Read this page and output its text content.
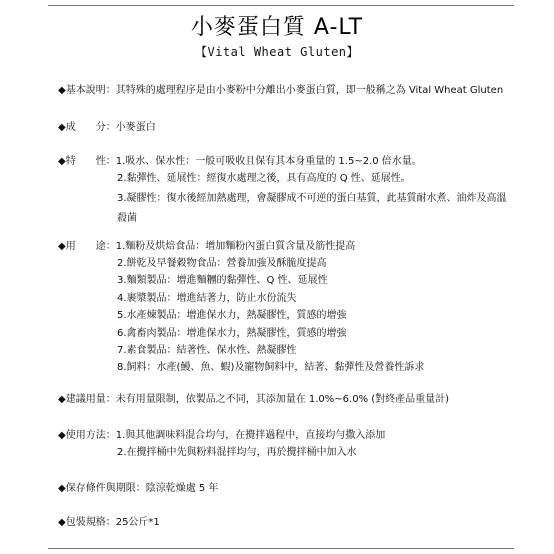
小麥蛋白質 A-LT
【Vital Wheat Gluten】
◆基本說明：其特殊的處理程序是由小麥粉中分離出小麥蛋白質，即一般稱之為 Vital Wheat Gluten
◆成　　分：小麥蛋白
◆特　　性：1.吸水、保水性：一般可吸收且保有其本身重量的 1.5~2.0 倍水量。
2.黏彈性、延展性：經復水處理之後，具有高度的 Q 性、延展性。
3.凝膠性：復水後經加熱處理，會凝膠成不可逆的蛋白基質，此基質耐水煮、油炸及高溫
殺菌
◆用　　途：1.麵粉及烘焙食品：增加麵粉內蛋白質含量及筋性提高
2.餅乾及早餐穀物食品：營養加強及酥脆度提高
3.麵類製品：增進麵糰的黏彈性、Q 性、延展性
4.裹漿製品：增進結著力，防止水份流失
5.水產煉製品：增進保水力，熱凝膠性，質感的增強
6.禽畜肉製品：增進保水力，熱凝膠性，質感的增強
7.素食製品：結著性、保水性、熱凝膠性
8.飼料：水產(鰻、魚、蝦)及寵物飼料中，結著、黏彈性及營養性訴求
◆建議用量：未有用量限制，依製品之不同，其添加量在 1.0%~6.0% (對終產品重量計)
◆使用方法：1.與其他調味料混合均勻，在攪拌過程中，直接均勻撒入添加
2.在攪拌桶中先與粉料混拌均勻，再於攪拌桶中加入水
◆保存條件與期限：陰涼乾燥處 5 年
◆包裝規格：25公斤*1
